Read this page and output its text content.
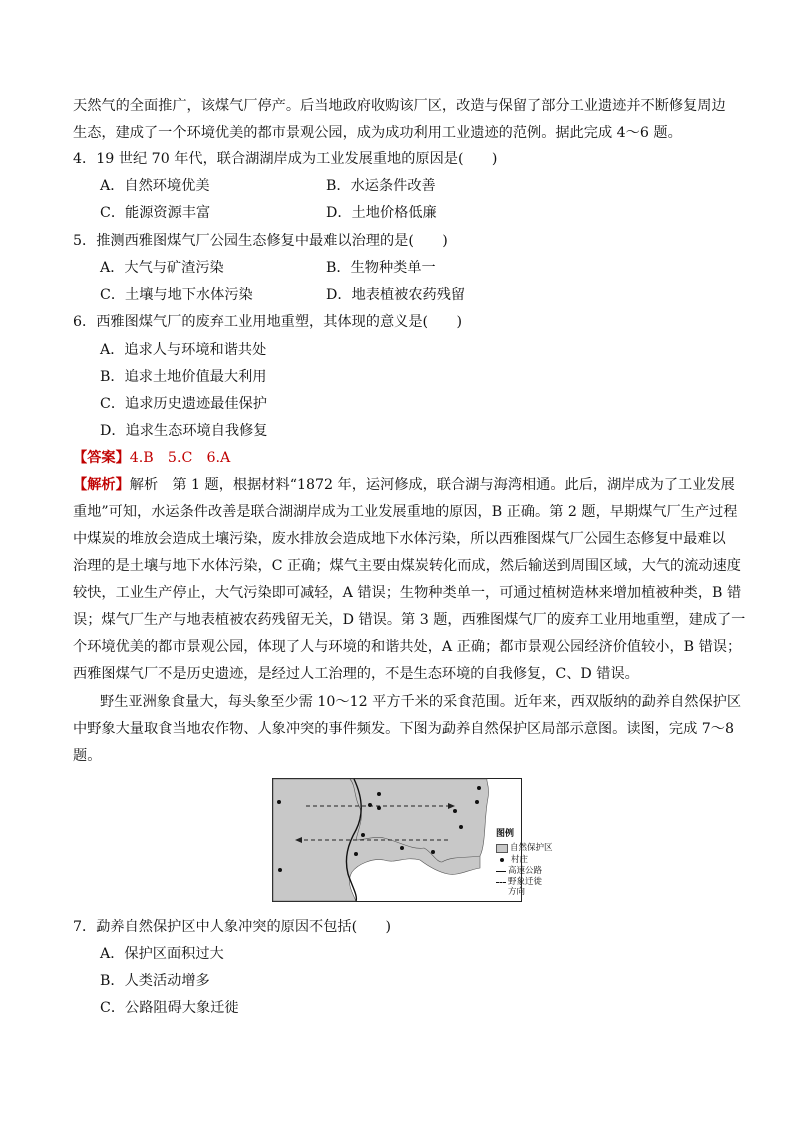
天然气的全面推广，该煤气厂停产。后当地政府收购该厂区，改造与保留了部分工业遗迹并不断修复周边
生态，建成了一个环境优美的都市景观公园，成为成功利用工业遗迹的范例。据此完成 4～6 题。
4．19 世纪 70 年代，联合湖湖岸成为工业发展重地的原因是(　　)
A．自然环境优美	B．水运条件改善
C．能源资源丰富	D．土地价格低廉
5．推测西雅图煤气厂公园生态修复中最难以治理的是(　　)
A．大气与矿渣污染	B．生物种类单一
C．土壤与地下水体污染	D．地表植被农药残留
6．西雅图煤气厂的废弃工业用地重塑，其体现的意义是(　　)
A．追求人与环境和谐共处
B．追求土地价值最大利用
C．追求历史遗迹最佳保护
D．追求生态环境自我修复
【答案】4.B　5.C　6.A
【解析】解析　第 1 题，根据材料“1872 年，运河修成，联合湖与海湾相通。此后，湖岸成为了工业发展
重地”可知，水运条件改善是联合湖湖岸成为工业发展重地的原因，B 正确。第 2 题，早期煤气厂生产过程
中煤炭的堆放会造成土壤污染，废水排放会造成地下水体污染，所以西雅图煤气厂公园生态修复中最难以
治理的是土壤与地下水体污染，C 正确；煤气主要由煤炭转化而成，然后输送到周围区域，大气的流动速度
较快，工业生产停止，大气污染即可减轻，A 错误；生物种类单一，可通过植树造林来增加植被种类，B 错
误；煤气厂生产与地表植被农药残留无关，D 错误。第 3 题，西雅图煤气厂的废弃工业用地重塑，建成了一
个环境优美的都市景观公园，体现了人与环境的和谐共处，A 正确；都市景观公园经济价值较小，B 错误；
西雅图煤气厂不是历史遗迹，是经过人工治理的，不是生态环境的自我修复，C、D 错误。
野生亚洲象食量大，每头象至少需 10～12 平方千米的采食范围。近年来，西双版纳的勐养自然保护区
中野象大量取食当地农作物、人象冲突的事件频发。下图为勐养自然保护区局部示意图。读图，完成 7～8
题。
图例
自然保护区
村庄
高速公路
野象迁徙
方向
7．勐养自然保护区中人象冲突的原因不包括(　　)
A．保护区面积过大
B．人类活动增多
C．公路阻碍大象迁徙
